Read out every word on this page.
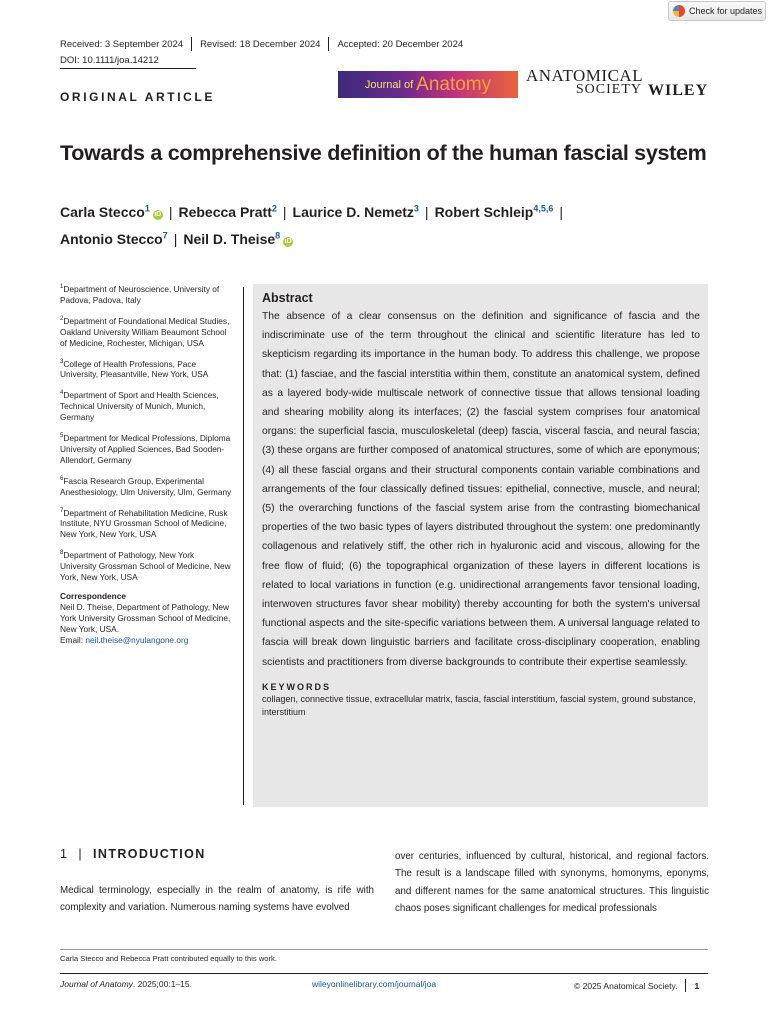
Check for updates
Received: 3 September 2024 Revised: 18 December 2024 Accepted: 20 December 2024
DOI: 10.1111/joa.14212
ORIGINAL ARTICLE
Journal of Anatomy ANATOMICAL
SOCIETY WILEY
Towards a comprehensive definition of the human fascial system
Carla Stecco$^1$iD | Rebecca Pratt$^2$ | Laurice D. Nemetz$^3$ | Robert Schleip$^{4,5,6}$ |
Antonio Stecco$^7$ | Neil D. Theise$^8$iD
$^1$Department of Neuroscience, University of Padova, Padova, Italy
$^2$Department of Foundational Medical Studies, Oakland University William Beaumont School of Medicine, Rochester, Michigan, USA
$^3$College of Health Professions, Pace University, Pleasantville, New York, USA
$^4$Department of Sport and Health Sciences, Technical University of Munich, Munich, Germany
$^5$Department for Medical Professions, Diploma University of Applied Sciences, Bad Sooden-Allendorf, Germany
$^6$Fascia Research Group, Experimental Anesthesiology, Ulm University, Ulm, Germany
$^7$Department of Rehabilitation Medicine, Rusk Institute, NYU Grossman School of Medicine, New York, New York, USA
$^8$Department of Pathology, New York University Grossman School of Medicine, New York, New York, USA
Correspondence
Neil D. Theise, Department of Pathology, New York University Grossman School of Medicine, New York, USA.
Email: neil.theise@nyulangone.org
Abstract
The absence of a clear consensus on the definition and significance of fascia and the indiscriminate use of the term throughout the clinical and scientific literature has led to skepticism regarding its importance in the human body. To address this challenge, we propose that: (1) fasciae, and the fascial interstitia within them, constitute an anatomical system, defined as a layered body-wide multiscale network of connective tissue that allows tensional loading and shearing mobility along its interfaces; (2) the fascial system comprises four anatomical organs: the superficial fascia, musculoskeletal (deep) fascia, visceral fascia, and neural fascia; (3) these organs are further composed of anatomical structures, some of which are eponymous; (4) all these fascial organs and their structural components contain variable combinations and arrangements of the four classically defined tissues: epithelial, connective, muscle, and neural; (5) the overarching functions of the fascial system arise from the contrasting biomechanical properties of the two basic types of layers distributed throughout the system: one predominantly collagenous and relatively stiff, the other rich in hyaluronic acid and viscous, allowing for the free flow of fluid; (6) the topographical organization of these layers in different locations is related to local variations in function (e.g. unidirectional arrangements favor tensional loading, interwoven structures favor shear mobility) thereby accounting for both the system's universal functional aspects and the site-specific variations between them. A universal language related to fascia will break down linguistic barriers and facilitate cross-disciplinary cooperation, enabling scientists and practitioners from diverse backgrounds to contribute their expertise seamlessly.
KEYWORDS
collagen, connective tissue, extracellular matrix, fascia, fascial interstitium, fascial system, ground substance, interstitium
1 | INTRODUCTION
Medical terminology, especially in the realm of anatomy, is rife with complexity and variation. Numerous naming systems have evolved
over centuries, influenced by cultural, historical, and regional factors. The result is a landscape filled with synonyms, homonyms, eponyms, and different names for the same anatomical structures. This linguistic chaos poses significant challenges for medical professionals
Carla Stecco and Rebecca Pratt contributed equally to this work.
Journal of Anatomy. 2025;00:1–15.	wileyonlinelibrary.com/journal/joa	© 2025 Anatomical Society. 1
